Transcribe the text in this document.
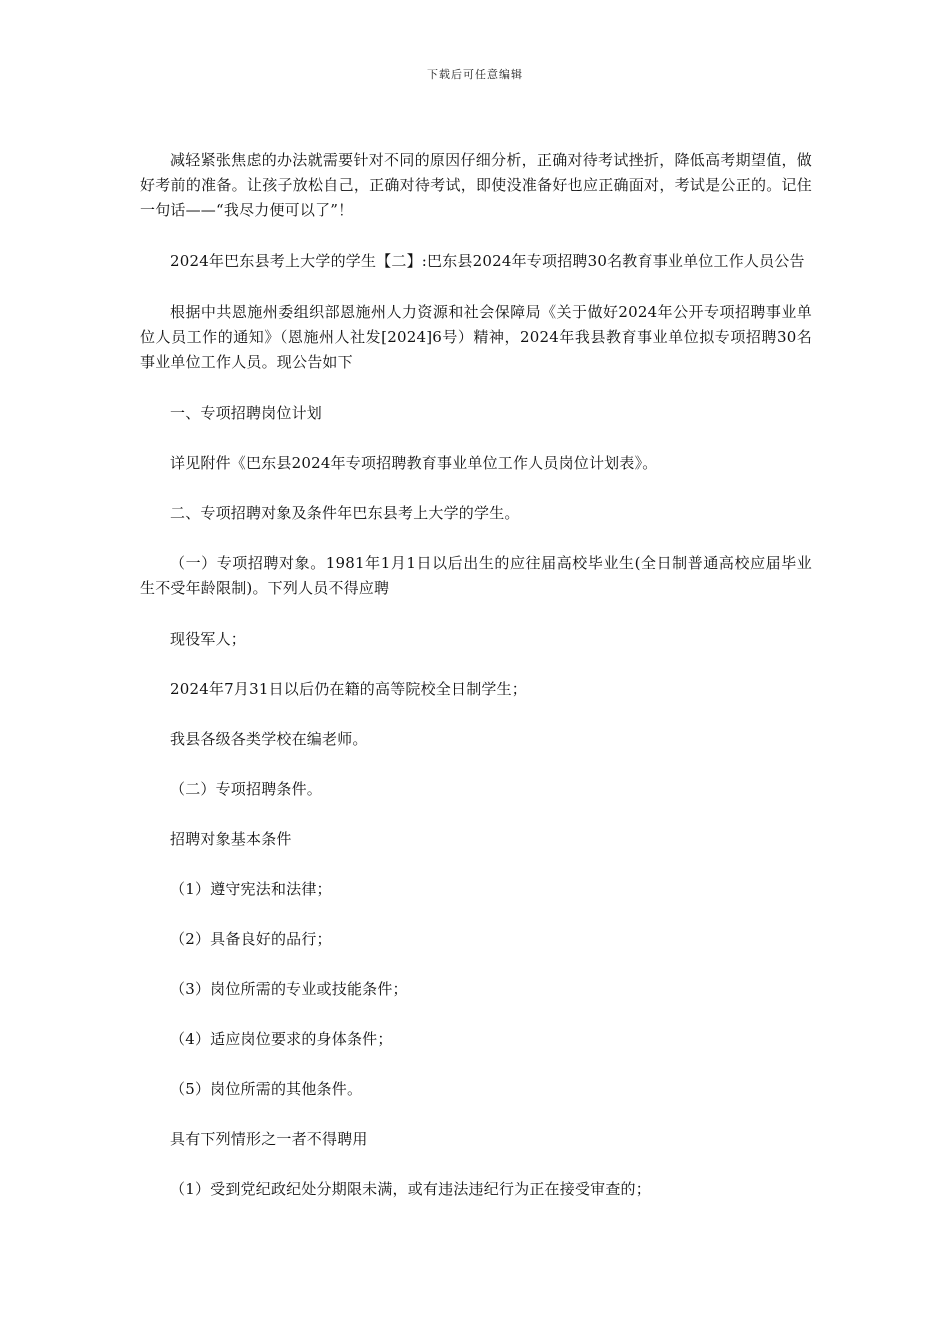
下载后可任意编辑

减轻紧张焦虑的办法就需要针对不同的原因仔细分析，正确对待考试挫折，降低高考期望值，做好考前的准备。让孩子放松自己，正确对待考试，即使没准备好也应正确面对，考试是公正的。记住一句话——“我尽力便可以了”！

2024年巴东县考上大学的学生【二】:巴东县2024年专项招聘30名教育事业单位工作人员公告

根据中共恩施州委组织部恩施州人力资源和社会保障局《关于做好2024年公开专项招聘事业单位人员工作的通知》（恩施州人社发[2024]6号）精神，2024年我县教育事业单位拟专项招聘30名事业单位工作人员。现公告如下

一、专项招聘岗位计划

详见附件《巴东县2024年专项招聘教育事业单位工作人员岗位计划表》。

二、专项招聘对象及条件年巴东县考上大学的学生。

（一）专项招聘对象。1981年1月1日以后出生的应往届高校毕业生(全日制普通高校应届毕业生不受年龄限制)。下列人员不得应聘

现役军人；

2024年7月31日以后仍在籍的高等院校全日制学生；

我县各级各类学校在编老师。

（二）专项招聘条件。

招聘对象基本条件

（1）遵守宪法和法律；

（2）具备良好的品行；

（3）岗位所需的专业或技能条件；

（4）适应岗位要求的身体条件；

（5）岗位所需的其他条件。

具有下列情形之一者不得聘用

（1）受到党纪政纪处分期限未满，或有违法违纪行为正在接受审查的；
